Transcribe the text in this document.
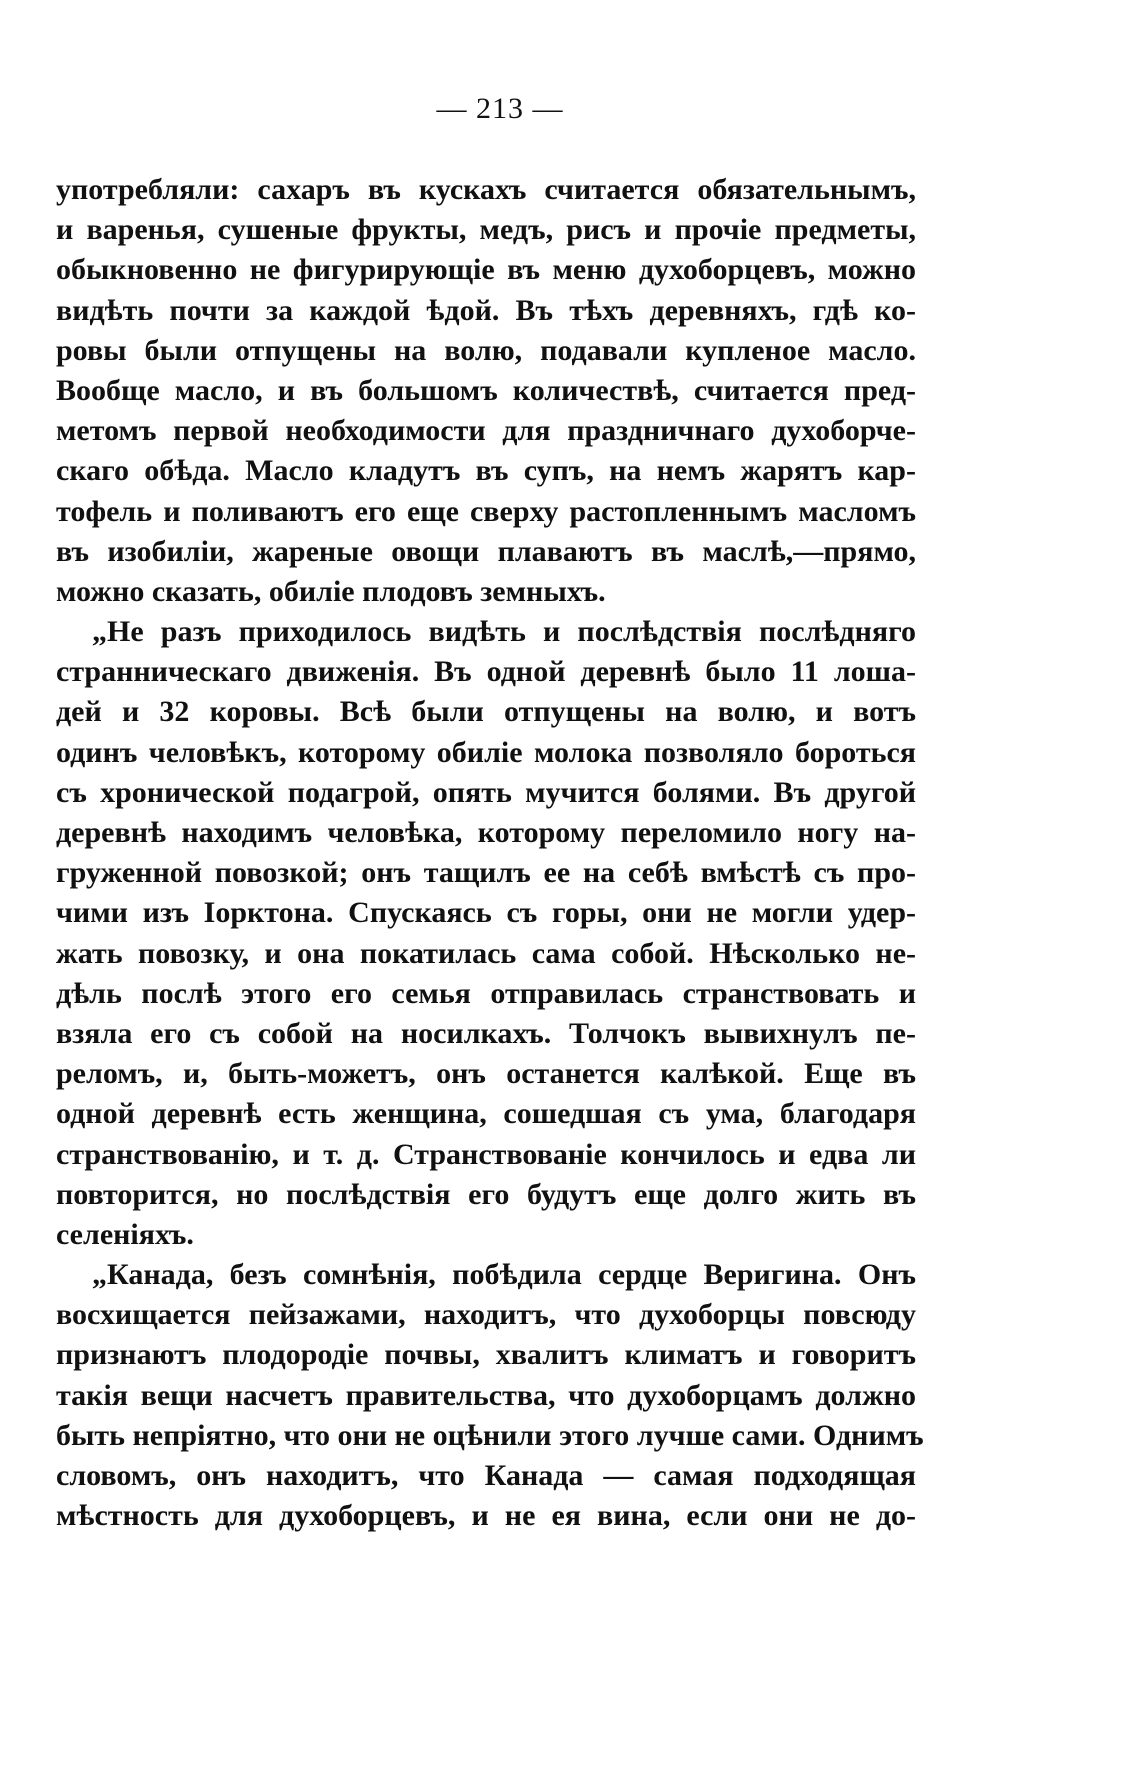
— 213 —
употребляли: сахаръ въ кускахъ считается обязательнымъ,
и варенья, сушеные фрукты, медъ, рисъ и прочіе предметы,
обыкновенно не фигурирующіе въ меню духоборцевъ, можно
видѣть почти за каждой ѣдой. Въ тѣхъ деревняхъ, гдѣ ко-
ровы были отпущены на волю, подавали купленое масло.
Вообще масло, и въ большомъ количествѣ, считается пред-
метомъ первой необходимости для праздничнаго духоборче-
скаго обѣда. Масло кладутъ въ супъ, на немъ жарятъ кар-
тофель и поливаютъ его еще сверху растопленнымъ масломъ
въ изобиліи, жареные овощи плаваютъ въ маслѣ,—прямо,
можно сказать, обиліе плодовъ земныхъ.
„Не разъ приходилось видѣть и послѣдствія послѣдняго
странническаго движенія. Въ одной деревнѣ было 11 лоша-
дей и 32 коровы. Всѣ были отпущены на волю, и вотъ
одинъ человѣкъ, которому обиліе молока позволяло бороться
съ хронической подагрой, опять мучится болями. Въ другой
деревнѣ находимъ человѣка, которому переломило ногу на-
груженной повозкой; онъ тащилъ ее на себѣ вмѣстѣ съ про-
чими изъ Іорктона. Спускаясь съ горы, они не могли удер-
жать повозку, и она покатилась сама собой. Нѣсколько не-
дѣль послѣ этого его семья отправилась странствовать и
взяла его съ собой на носилкахъ. Толчокъ вывихнулъ пе-
реломъ, и, быть-можетъ, онъ останется калѣкой. Еще въ
одной деревнѣ есть женщина, сошедшая съ ума, благодаря
странствованію, и т. д. Странствованіе кончилось и едва ли
повторится, но послѣдствія его будутъ еще долго жить въ
селеніяхъ.
„Канада, безъ сомнѣнія, побѣдила сердце Веригина. Онъ
восхищается пейзажами, находитъ, что духоборцы повсюду
признаютъ плодородіе почвы, хвалитъ климатъ и говоритъ
такія вещи насчетъ правительства, что духоборцамъ должно
быть непріятно, что они не оцѣнили этого лучше сами. Однимъ
словомъ, онъ находитъ, что Канада — самая подходящая
мѣстность для духоборцевъ, и не ея вина, если они не до-
